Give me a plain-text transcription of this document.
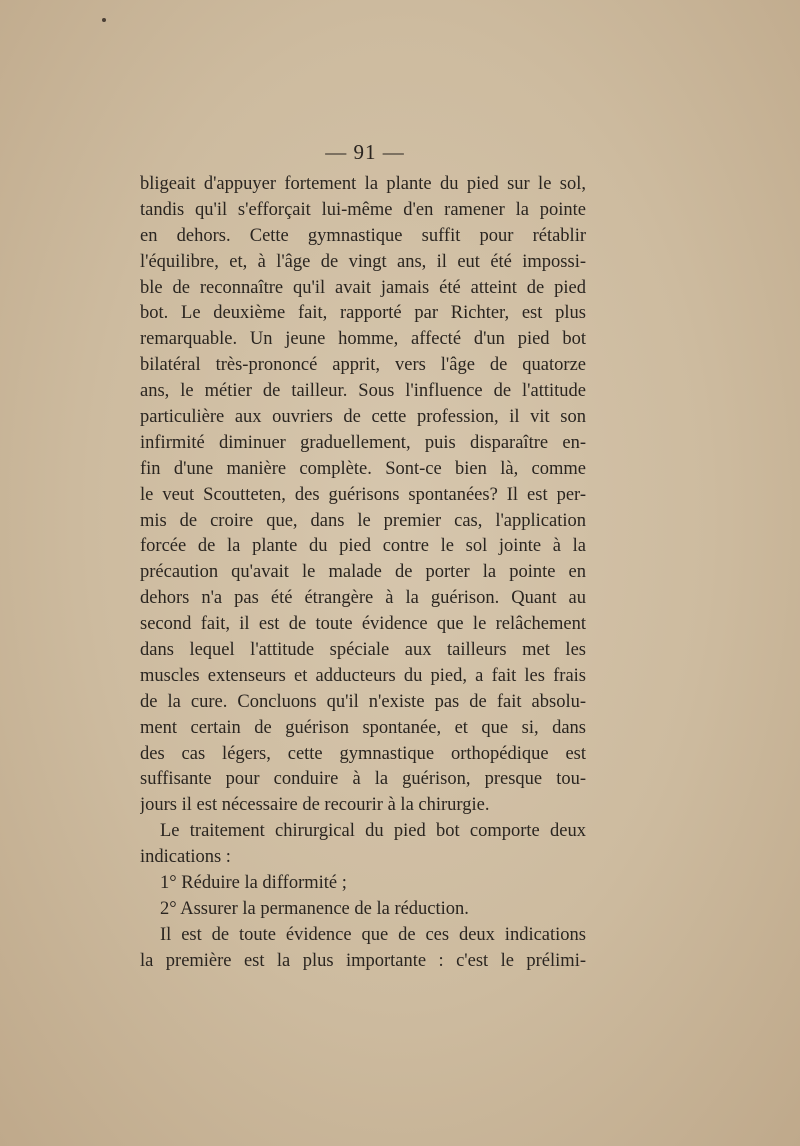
— 91 —
bligeait d'appuyer fortement la plante du pied sur le sol,
tandis qu'il s'efforçait lui-même d'en ramener la pointe
en dehors. Cette gymnastique suffit pour rétablir
l'équilibre, et, à l'âge de vingt ans, il eut été impossi-
ble de reconnaître qu'il avait jamais été atteint de pied
bot. Le deuxième fait, rapporté par Richter, est plus
remarquable. Un jeune homme, affecté d'un pied bot
bilatéral très-prononcé apprit, vers l'âge de quatorze
ans, le métier de tailleur. Sous l'influence de l'attitude
particulière aux ouvriers de cette profession, il vit son
infirmité diminuer graduellement, puis disparaître en-
fin d'une manière complète. Sont-ce bien là, comme
le veut Scoutteten, des guérisons spontanées? Il est per-
mis de croire que, dans le premier cas, l'application
forcée de la plante du pied contre le sol jointe à la
précaution qu'avait le malade de porter la pointe en
dehors n'a pas été étrangère à la guérison. Quant au
second fait, il est de toute évidence que le relâchement
dans lequel l'attitude spéciale aux tailleurs met les
muscles extenseurs et adducteurs du pied, a fait les frais
de la cure. Concluons qu'il n'existe pas de fait absolu-
ment certain de guérison spontanée, et que si, dans
des cas légers, cette gymnastique orthopédique est
suffisante pour conduire à la guérison, presque tou-
jours il est nécessaire de recourir à la chirurgie.
Le traitement chirurgical du pied bot comporte deux
indications :
1° Réduire la difformité ;
2° Assurer la permanence de la réduction.
Il est de toute évidence que de ces deux indications
la première est la plus importante : c'est le prélimi-
